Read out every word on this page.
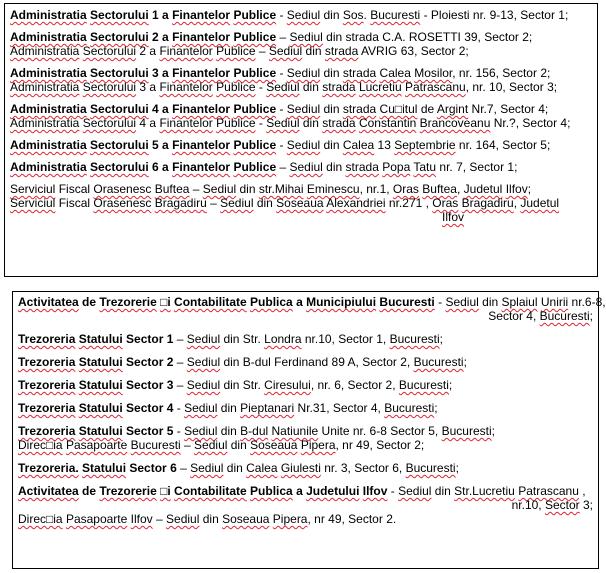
Administratia Sectorului 1 a Finantelor Publice - Sediul din Sos. Bucuresti - Ploiesti nr. 9-13, Sector 1;
Administratia Sectorului 2 a Finantelor Publice – Sediul din strada C.A. ROSETTI 39, Sector 2;
Administratia Sectorului 2 a Finantelor Publice – Sediul din strada AVRIG 63, Sector 2;
Administratia Sectorului 3 a Finantelor Publice - Sediul din strada Calea Mosilor, nr. 156, Sector 2;
Administratia Sectorului 3 a Finantelor Publice - Sediul din strada Lucretiu Patrascanu, nr. 10, Sector 3;
Administratia Sectorului 4 a Finantelor Publice - Sediul din strada Cu□itul de Argint Nr.7, Sector 4;
Administratia Sectorului 4 a Finantelor Publice - Sediul din strada Constantin Brancoveanu Nr.?, Sector 4;
Administratia Sectorului 5 a Finantelor Publice - Sediul din Calea 13 Septembrie nr. 164, Sector 5;
Administratia Sectorului 6 a Finantelor Publice – Sediul din strada Popa Tatu nr. 7, Sector 1;
Serviciul Fiscal Orasenesc Buftea – Sediul din str.Mihai Eminescu, nr.1, Oras Buftea, Judetul Ilfov;
Serviciul Fiscal Orasenesc Bragadiru – Sediul din Soseaua Alexandriei nr.271 , Oras Bragadiru, Judetul
Ilfov
Activitatea de Trezorerie □i Contabilitate Publica a Municipiului Bucuresti - Sediul din Splaiul Unirii nr.6-8,
Sector 4, Bucuresti;
Trezoreria Statului Sector 1 – Sediul din Str. Londra nr.10, Sector 1, Bucuresti;
Trezoreria Statului Sector 2 – Sediul din B-dul Ferdinand 89 A, Sector 2, Bucuresti;
Trezoreria Statului Sector 3 – Sediul din Str. Ciresului, nr. 6, Sector 2, Bucuresti;
Trezoreria Statului Sector 4 - Sediul din Pieptanari Nr.31, Sector 4, Bucuresti;
Trezoreria Statului Sector 5 - Sediul din B-dul Natiunile Unite nr. 6-8 Sector 5, Bucuresti;
Direc□ia Pasapoarte Bucuresti – Sediul din Soseaua Pipera, nr 49, Sector 2;
Trezoreria. Statului Sector 6 – Sediul din Calea Giulesti nr. 3, Sector 6, Bucuresti;
Activitatea de Trezorerie □i Contabilitate Publica a Judetului Ilfov - Sediul din Str.Lucretiu Patrascanu ,
nr.10, Sector 3;
Direc□ia Pasapoarte Ilfov – Sediul din Soseaua Pipera, nr 49, Sector 2.
